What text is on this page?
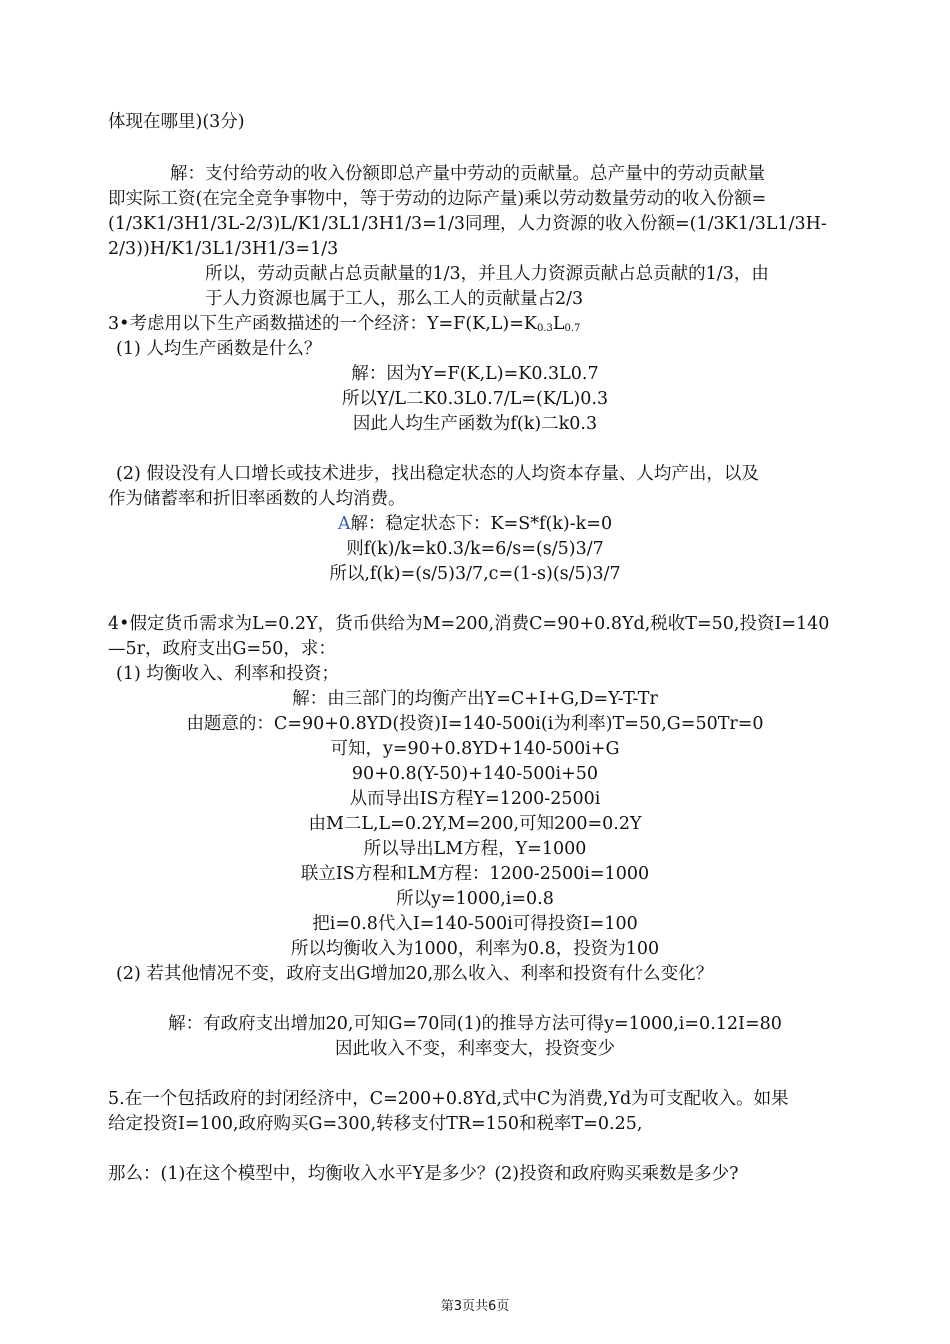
体现在哪里)(3分)
解：支付给劳动的收入份额即总产量中劳动的贡献量。总产量中的劳动贡献量
即实际工资(在完全竞争事物中，等于劳动的边际产量)乘以劳动数量劳动的收入份额=
(1/3K1/3H1/3L-2/3)L/K1/3L1/3H1/3=1/3同理，人力资源的收入份额=(1/3K1/3L1/3H-
2/3))H/K1/3L1/3H1/3=1/3
所以，劳动贡献占总贡献量的1/3，并且人力资源贡献占总贡献的1/3，由
于人力资源也属于工人，那么工人的贡献量占2/3
3•考虑用以下生产函数描述的一个经济：$Y=F(K,L)=K_{0.3}L_{0.7}$
(1) 人均生产函数是什么？
解：因为Y=F(K,L)=K0.3L0.7
所以Y/L二K0.3L0.7/L=(K/L)0.3
因此人均生产函数为f(k)二k0.3
(2) 假设没有人口增长或技术进步，找出稳定状态的人均资本存量、人均产出，以及
作为储蓄率和折旧率函数的人均消费。
A解：稳定状态下：K=S*f(k)-k=0
则f(k)/k=k0.3/k=6/s=(s/5)3/7
所以,f(k)=(s/5)3/7,c=(1-s)(s/5)3/7
4•假定货币需求为L=0.2Y，货币供给为M=200,消费C=90+0.8Yd,税收T=50,投资I=140
—5r，政府支出G=50，求：
(1) 均衡收入、利率和投资；
解：由三部门的均衡产出Y=C+I+G,D=Y-T-Tr
由题意的：C=90+0.8YD(投资)I=140-500i(i为利率)T=50,G=50Tr=0
可知，y=90+0.8YD+140-500i+G
90+0.8(Y-50)+140-500i+50
从而导出IS方程Y=1200-2500i
由M二L,L=0.2Y,M=200,可知200=0.2Y
所以导出LM方程，Y=1000
联立IS方程和LM方程：1200-2500i=1000
所以y=1000,i=0.8
把i=0.8代入I=140-500i可得投资I=100
所以均衡收入为1000，利率为0.8，投资为100
(2) 若其他情况不变，政府支出G增加20,那么收入、利率和投资有什么变化？
解：有政府支出增加20,可知G=70同(1)的推导方法可得y=1000,i=0.12I=80
因此收入不变，利率变大，投资变少
5.在一个包括政府的封闭经济中，C=200+0.8Yd,式中C为消费,Yd为可支配收入。如果
给定投资I=100,政府购买G=300,转移支付TR=150和税率T=0.25,
那么：(1)在这个模型中，均衡收入水平Y是多少？(2)投资和政府购买乘数是多少?
第3页共6页
